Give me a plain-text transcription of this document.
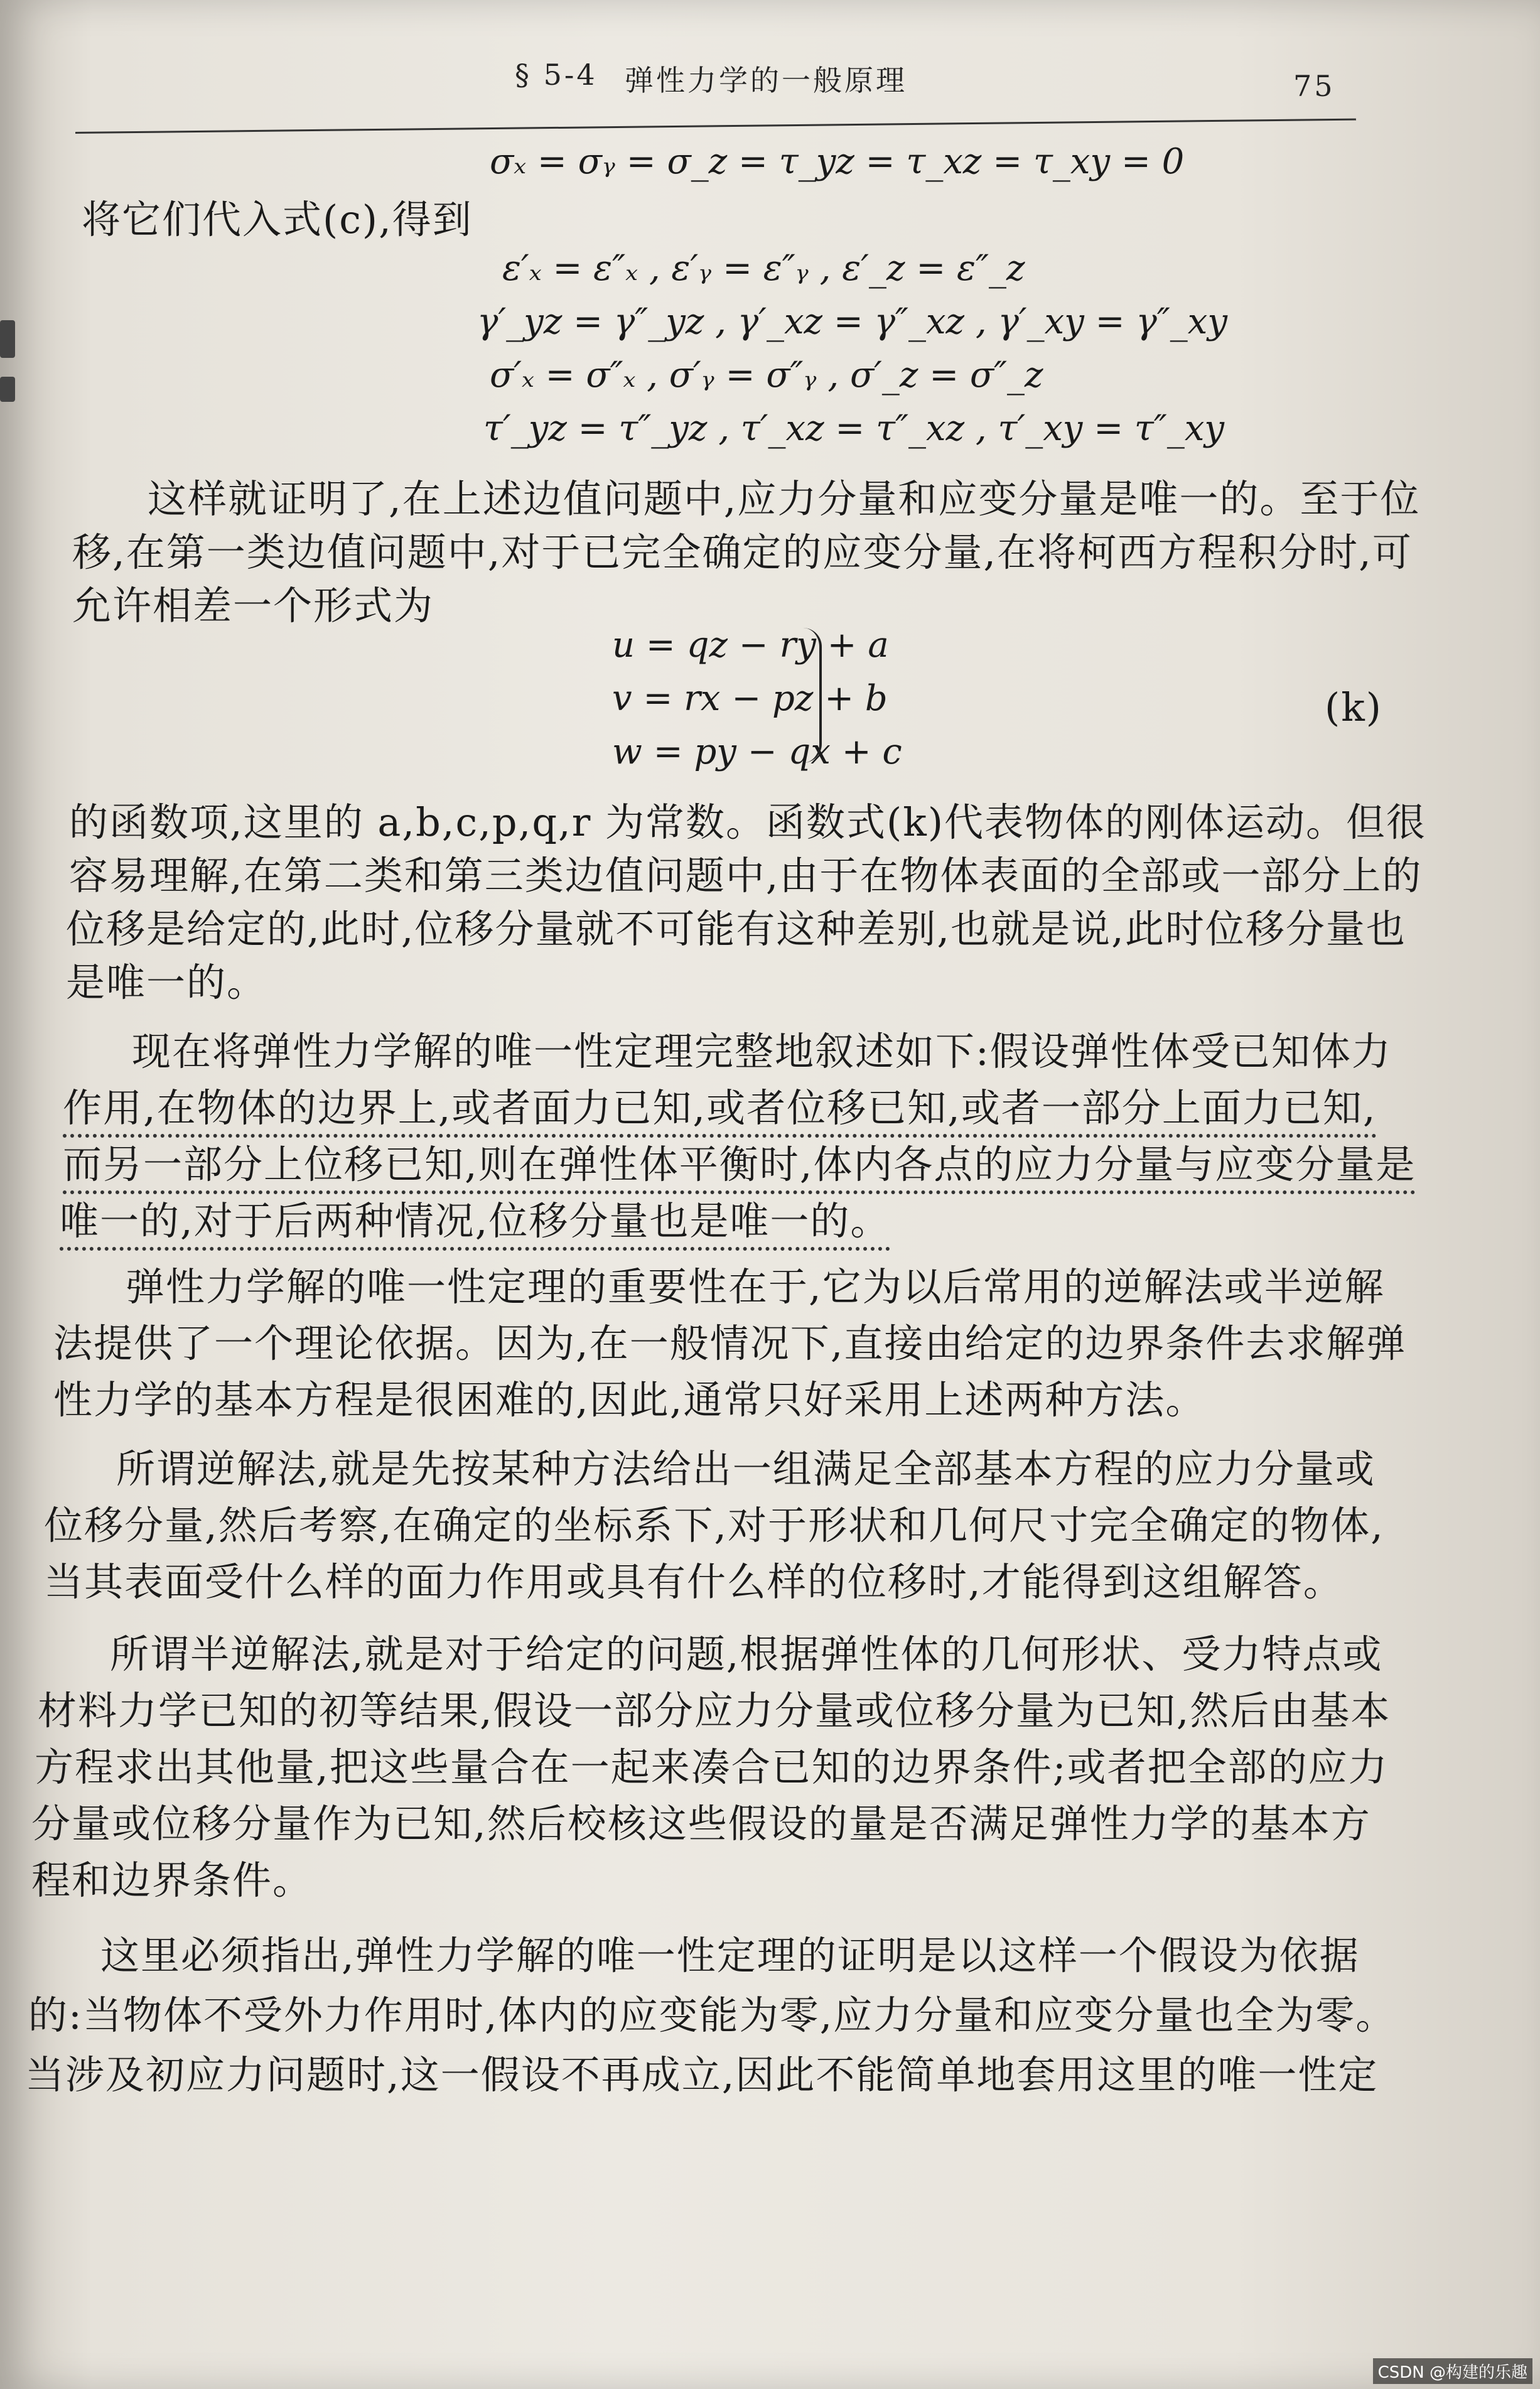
§ 5-4 弹性力学的一般原理	75
σₓ = σᵧ = σ_z = τ_yz = τ_xz = τ_xy = 0
将它们代入式(c),得到
ε′ₓ = ε″ₓ , ε′ᵧ = ε″ᵧ , ε′_z = ε″_z
γ′_yz = γ″_yz , γ′_xz = γ″_xz , γ′_xy = γ″_xy
σ′ₓ = σ″ₓ , σ′ᵧ = σ″ᵧ , σ′_z = σ″_z
τ′_yz = τ″_yz , τ′_xz = τ″_xz , τ′_xy = τ″_xy
这样就证明了,在上述边值问题中,应力分量和应变分量是唯一的。至于位
移,在第一类边值问题中,对于已完全确定的应变分量,在将柯西方程积分时,可
允许相差一个形式为
u = qz − ry + a
v = rx − pz + b
w = py − qx + c
(k)
的函数项,这里的 a,b,c,p,q,r 为常数。函数式(k)代表物体的刚体运动。但很
容易理解,在第二类和第三类边值问题中,由于在物体表面的全部或一部分上的
位移是给定的,此时,位移分量就不可能有这种差别,也就是说,此时位移分量也
是唯一的。
现在将弹性力学解的唯一性定理完整地叙述如下:假设弹性体受已知体力
作用,在物体的边界上,或者面力已知,或者位移已知,或者一部分上面力已知,
而另一部分上位移已知,则在弹性体平衡时,体内各点的应力分量与应变分量是
唯一的,对于后两种情况,位移分量也是唯一的。
弹性力学解的唯一性定理的重要性在于,它为以后常用的逆解法或半逆解
法提供了一个理论依据。因为,在一般情况下,直接由给定的边界条件去求解弹
性力学的基本方程是很困难的,因此,通常只好采用上述两种方法。
所谓逆解法,就是先按某种方法给出一组满足全部基本方程的应力分量或
位移分量,然后考察,在确定的坐标系下,对于形状和几何尺寸完全确定的物体,
当其表面受什么样的面力作用或具有什么样的位移时,才能得到这组解答。
所谓半逆解法,就是对于给定的问题,根据弹性体的几何形状、受力特点或
材料力学已知的初等结果,假设一部分应力分量或位移分量为已知,然后由基本
方程求出其他量,把这些量合在一起来凑合已知的边界条件;或者把全部的应力
分量或位移分量作为已知,然后校核这些假设的量是否满足弹性力学的基本方
程和边界条件。
这里必须指出,弹性力学解的唯一性定理的证明是以这样一个假设为依据
的:当物体不受外力作用时,体内的应变能为零,应力分量和应变分量也全为零。
当涉及初应力问题时,这一假设不再成立,因此不能简单地套用这里的唯一性定
CSDN @构建的乐趣
